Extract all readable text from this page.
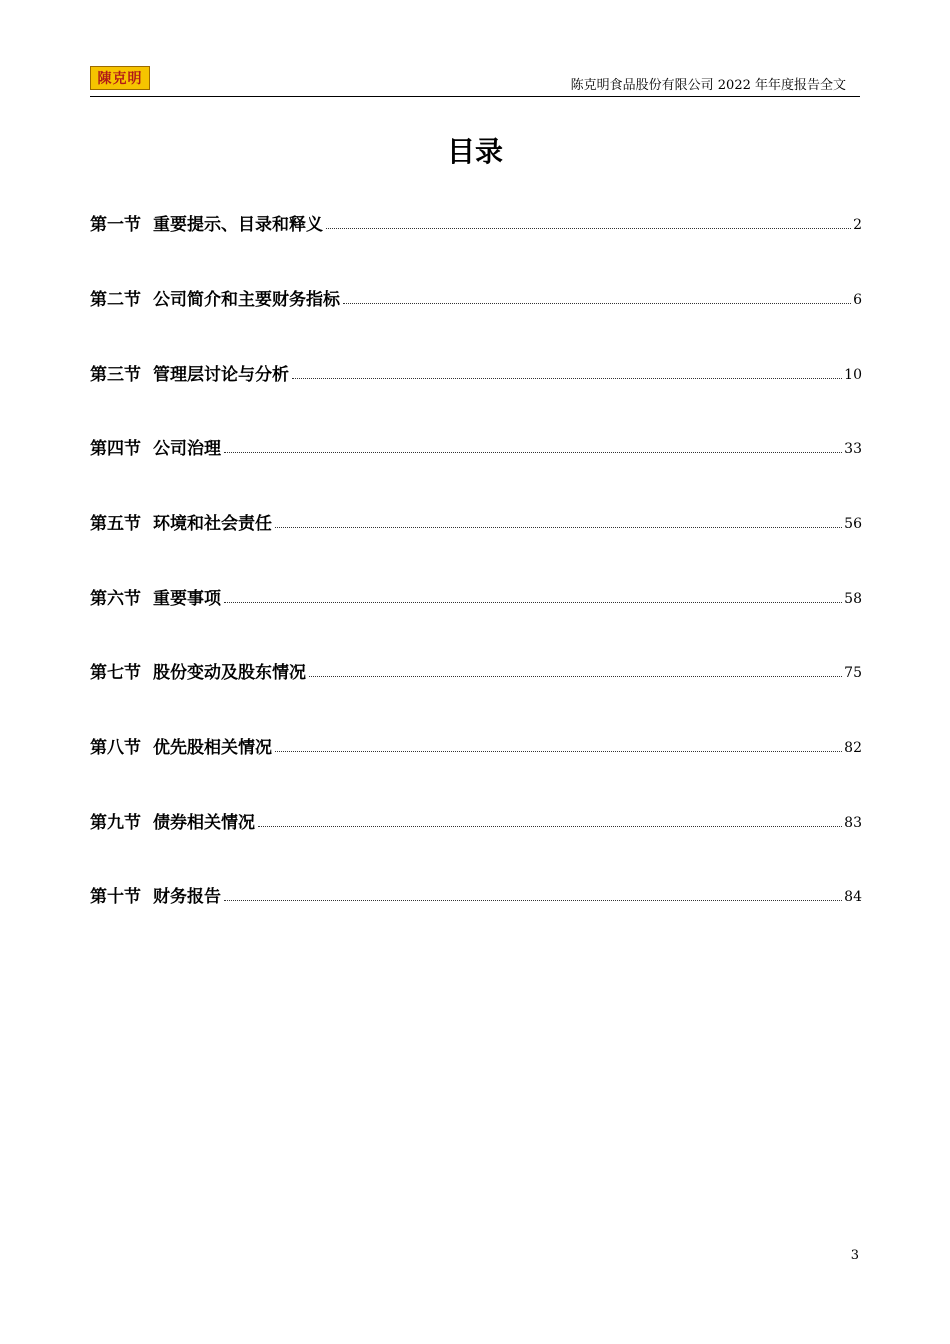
陳克明	陈克明食品股份有限公司 2022 年年度报告全文
目录
第一节 重要提示、目录和释义	2
第二节 公司简介和主要财务指标	6
第三节 管理层讨论与分析	10
第四节 公司治理	33
第五节 环境和社会责任	56
第六节 重要事项	58
第七节 股份变动及股东情况	75
第八节 优先股相关情况	82
第九节 债券相关情况	83
第十节 财务报告	84
3
